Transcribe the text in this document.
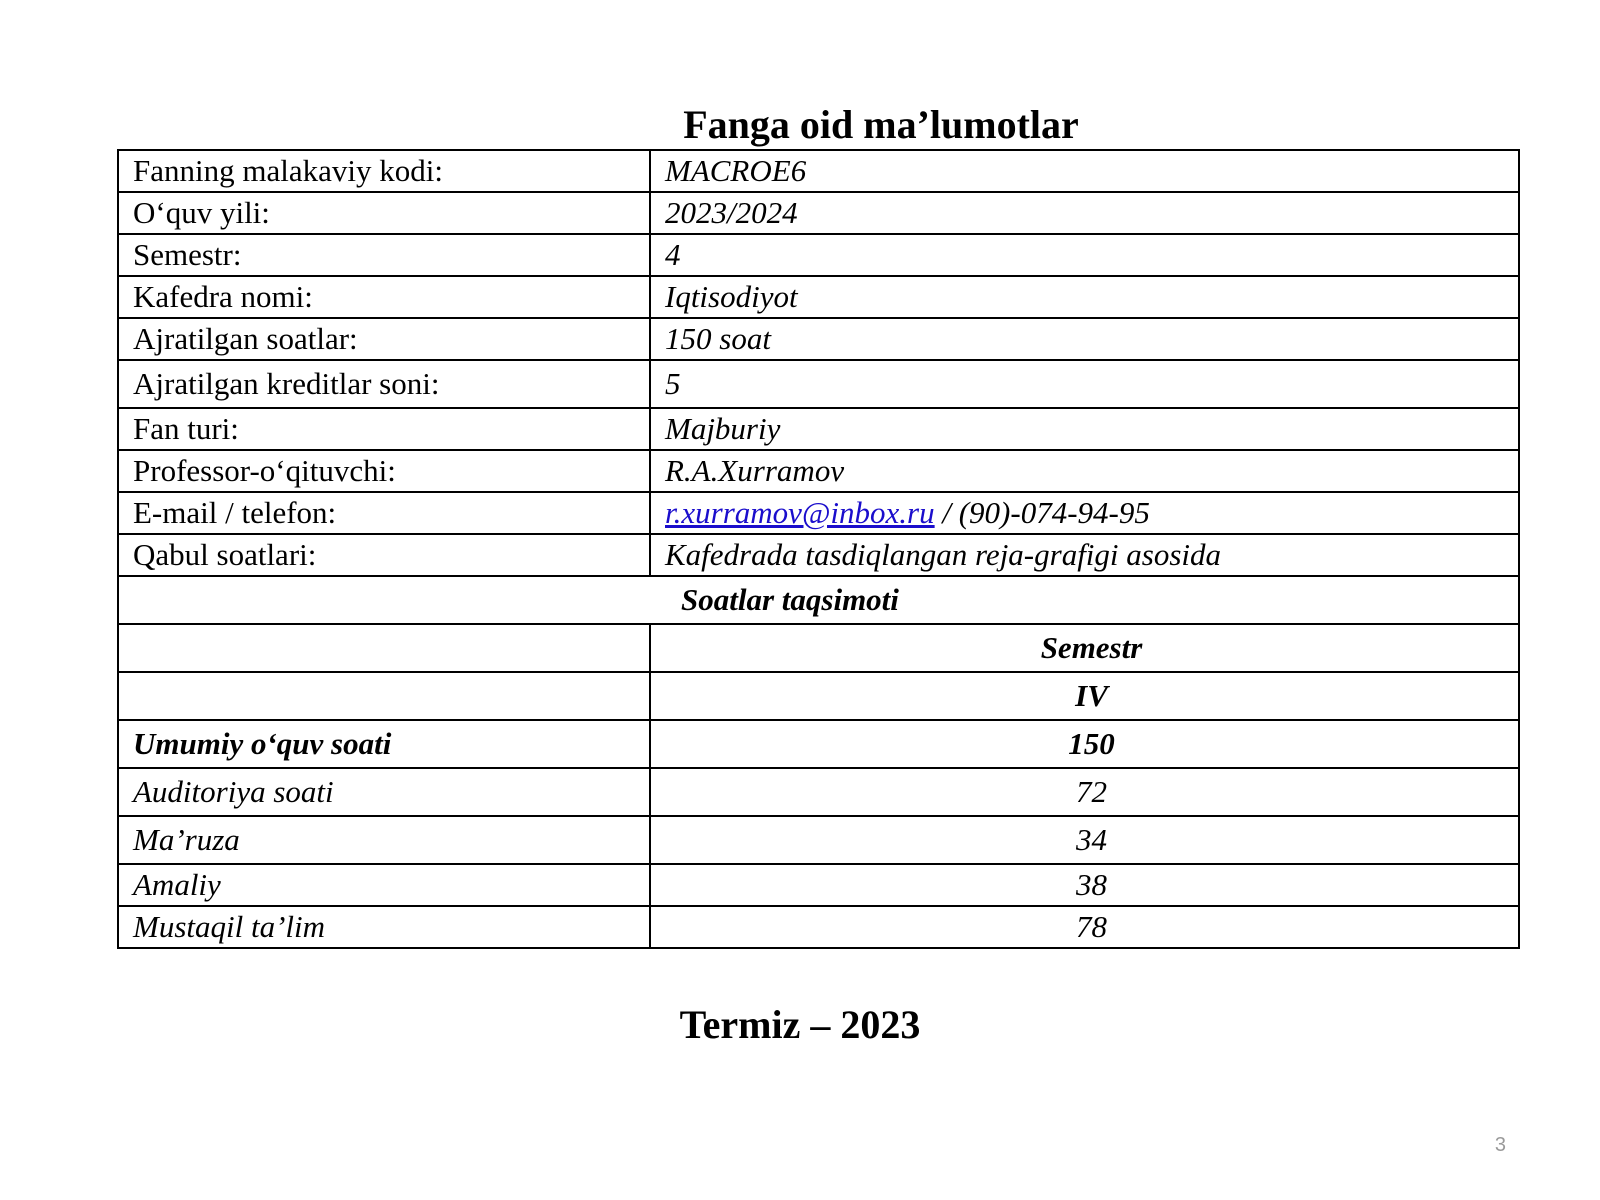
Fanga oid ma’lumotlar
Fanning malakaviy kodi:	MACROE6
O‘quv yili:	2023/2024
Semestr:	4
Kafedra nomi:	Iqtisodiyot
Ajratilgan soatlar:	150 soat
Ajratilgan kreditlar soni:	5
Fan turi:	Majburiy
Professor-o‘qituvchi:	R.A.Xurramov
E-mail / telefon:	r.xurramov@inbox.ru / (90)-074-94-95
Qabul soatlari:	Kafedrada tasdiqlangan reja-grafigi asosida
Soatlar taqsimoti	
	Semestr
	IV
Umumiy o‘quv soati	150
Auditoriya soati	72
Ma’ruza	34
Amaliy	38
Mustaqil ta’lim	78
Termiz – 2023
3
